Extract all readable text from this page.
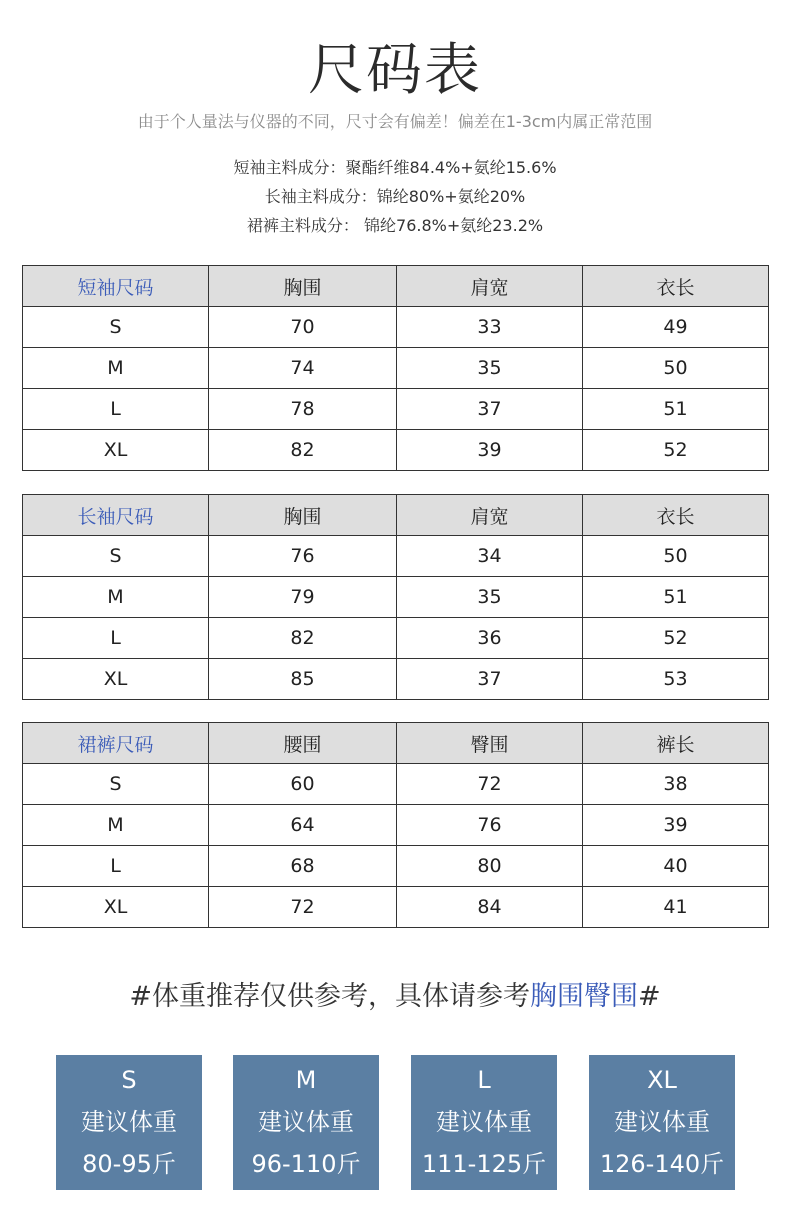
尺码表
由于个人量法与仪器的不同，尺寸会有偏差！偏差在1-3cm内属正常范围
短袖主料成分：聚酯纤维84.4%+氨纶15.6%
长袖主料成分：锦纶80%+氨纶20%
裙裤主料成分： 锦纶76.8%+氨纶23.2%
短袖尺码	胸围	肩宽	衣长
S	70	33	49
M	74	35	50
L	78	37	51
XL	82	39	52
长袖尺码	胸围	肩宽	衣长
S	76	34	50
M	79	35	51
L	82	36	52
XL	85	37	53
裙裤尺码	腰围	臀围	裤长
S	60	72	38
M	64	76	39
L	68	80	40
XL	72	84	41
#体重推荐仅供参考，具体请参考胸围臀围#
S
建议体重
80-95斤
M
建议体重
96-110斤
L
建议体重
111-125斤
XL
建议体重
126-140斤
